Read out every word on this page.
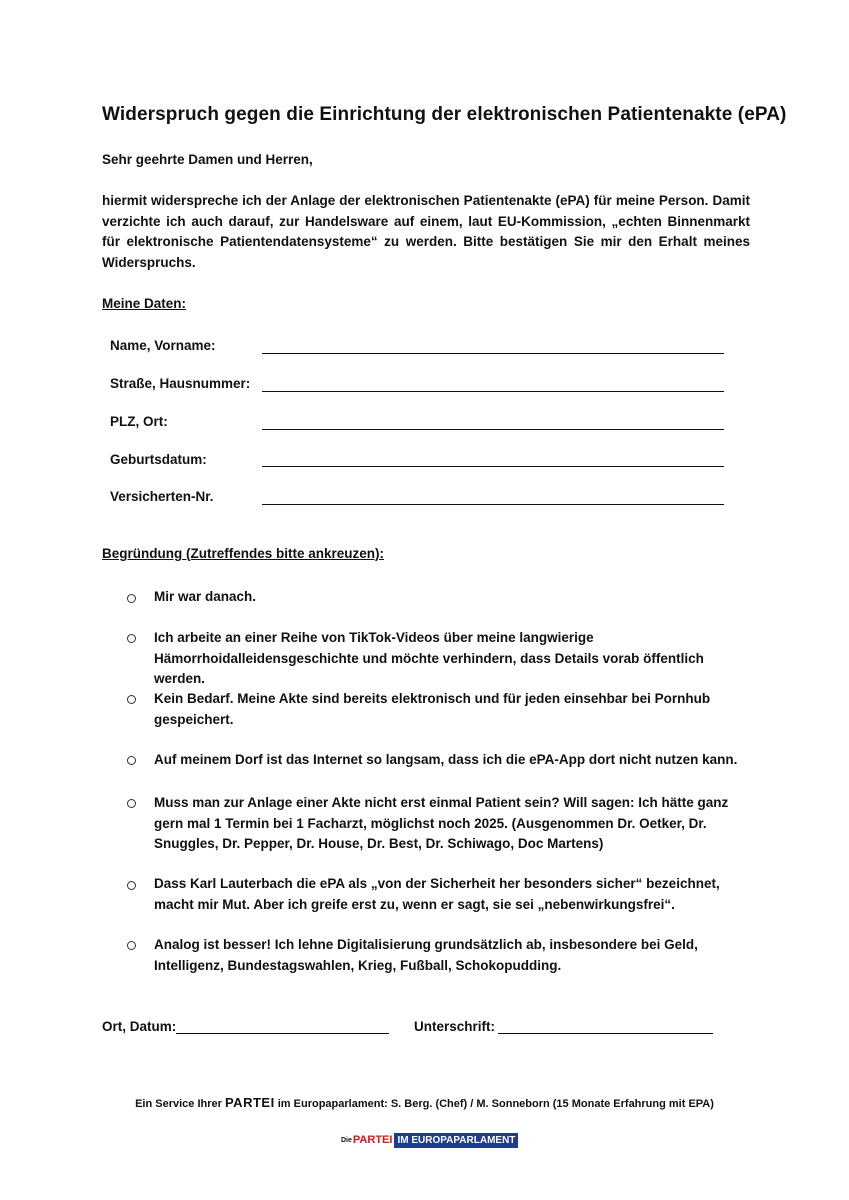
Widerspruch gegen die Einrichtung der elektronischen Patientenakte (ePA)
Sehr geehrte Damen und Herren,
hiermit widerspreche ich der Anlage der elektronischen Patientenakte (ePA) für meine Person. Damit verzichte ich auch darauf, zur Handelsware auf einem, laut EU-Kommission, „echten Binnenmarkt für elektronische Patientendatensysteme“ zu werden. Bitte bestätigen Sie mir den Erhalt meines Widerspruchs.
Meine Daten:
Name, Vorname:
Straße, Hausnummer:
PLZ, Ort:
Geburtsdatum:
Versicherten-Nr.
Begründung (Zutreffendes bitte ankreuzen):
Mir war danach.
Ich arbeite an einer Reihe von TikTok-Videos über meine langwierige Hämorrhoidalleidensgeschichte und möchte verhindern, dass Details vorab öffentlich werden.
Kein Bedarf. Meine Akte sind bereits elektronisch und für jeden einsehbar bei Pornhub gespeichert.
Auf meinem Dorf ist das Internet so langsam, dass ich die ePA-App dort nicht nutzen kann.
Muss man zur Anlage einer Akte nicht erst einmal Patient sein? Will sagen: Ich hätte ganz gern mal 1 Termin bei 1 Facharzt, möglichst noch 2025. (Ausgenommen Dr. Oetker, Dr. Snuggles, Dr. Pepper, Dr. House, Dr. Best, Dr. Schiwago, Doc Martens)
Dass Karl Lauterbach die ePA als „von der Sicherheit her besonders sicher“ bezeichnet, macht mir Mut. Aber ich greife erst zu, wenn er sagt, sie sei „nebenwirkungsfrei“.
Analog ist besser! Ich lehne Digitalisierung grundsätzlich ab, insbesondere bei Geld, Intelligenz, Bundestagswahlen, Krieg, Fußball, Schokopudding.
Ort, Datum:	Unterschrift:
Ein Service Ihrer PARTEI im Europaparlament: S. Berg. (Chef) / M. Sonneborn (15 Monate Erfahrung mit EPA)
Die PARTEI IM EUROPAPARLAMENT
